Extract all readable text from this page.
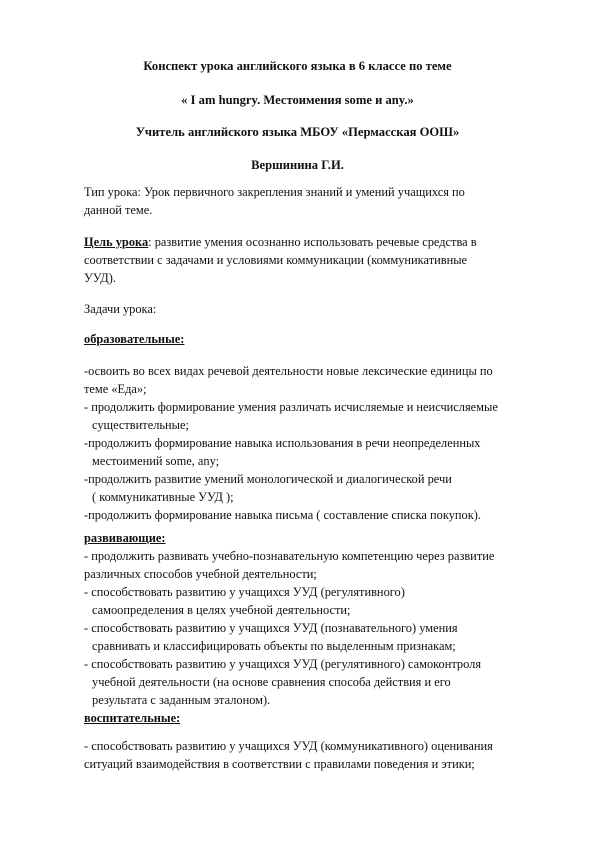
Конспект урока английского языка в 6 классе по теме
« I am hungry. Местоимения some и any.»
Учитель английского языка МБОУ «Пермасская ООШ»
Вершинина Г.И.
Тип урока: Урок первичного закрепления знаний и умений учащихся по
данной теме.
Цель урока: развитие умения осознанно использовать речевые средства в
соответствии с задачами и условиями коммуникации (коммуникативные
УУД).
Задачи урока:
образовательные:
-освоить во всех видах речевой деятельности новые лексические единицы по
теме «Еда»;
- продолжить формирование умения различать исчисляемые и неисчисляемые
существительные;
-продолжить формирование навыка использования в речи неопределенных
местоимений some, any;
-продолжить развитие умений монологической и диалогической речи
( коммуникативные УУД );
-продолжить формирование навыка письма ( составление списка покупок).
развивающие:
- продолжить развивать учебно-познавательную компетенцию через развитие
различных способов учебной деятельности;
- способствовать развитию у учащихся УУД (регулятивного)
самоопределения в целях учебной деятельности;
- способствовать развитию у учащихся УУД (познавательного) умения
сравнивать и классифицировать объекты по выделенным признакам;
- способствовать развитию у учащихся УУД (регулятивного) самоконтроля
учебной деятельности (на основе сравнения способа действия и его
результата с заданным эталоном).
воспитательные:
- способствовать развитию у учащихся УУД (коммуникативного) оценивания
ситуаций взаимодействия в соответствии с правилами поведения и этики;
